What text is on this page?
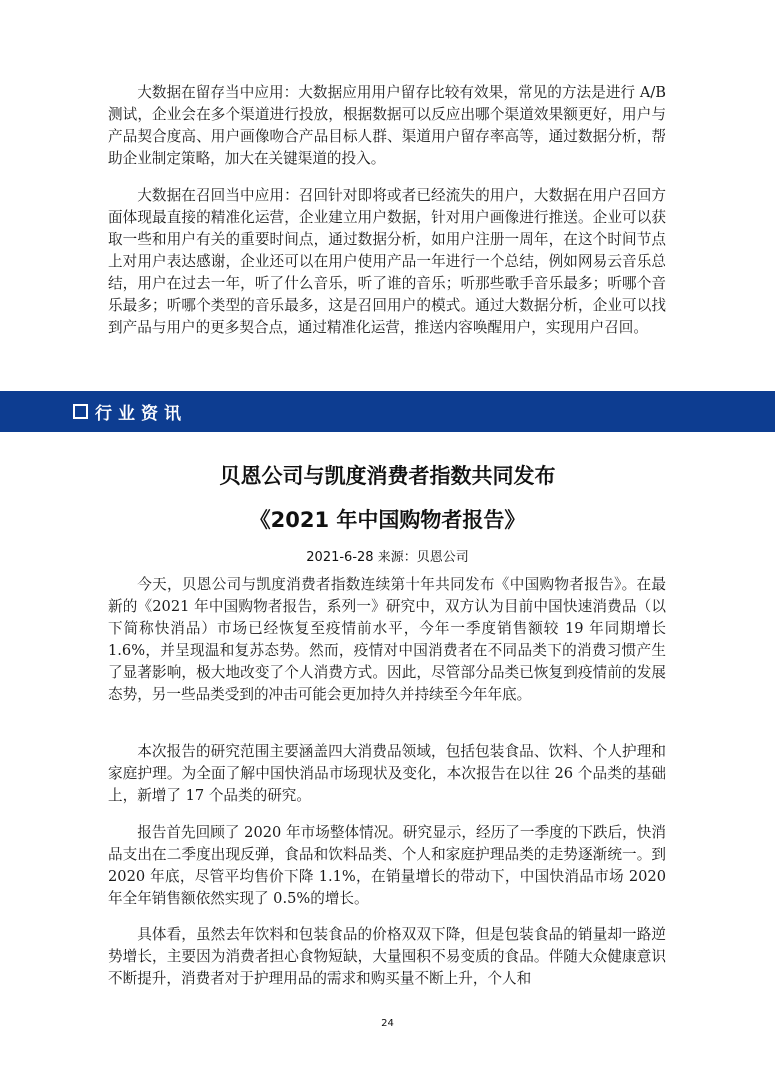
大数据在留存当中应用：大数据应用用户留存比较有效果，常见的方法是进行 A/B 测试，企业会在多个渠道进行投放，根据数据可以反应出哪个渠道效果额更好，用户与产品契合度高、用户画像吻合产品目标人群、渠道用户留存率高等，通过数据分析，帮助企业制定策略，加大在关键渠道的投入。

大数据在召回当中应用：召回针对即将或者已经流失的用户，大数据在用户召回方面体现最直接的精准化运营，企业建立用户数据，针对用户画像进行推送。企业可以获取一些和用户有关的重要时间点，通过数据分析，如用户注册一周年，在这个时间节点上对用户表达感谢，企业还可以在用户使用产品一年进行一个总结，例如网易云音乐总结，用户在过去一年，听了什么音乐，听了谁的音乐；听那些歌手音乐最多；听哪个音乐最多；听哪个类型的音乐最多，这是召回用户的模式。通过大数据分析，企业可以找到产品与用户的更多契合点，通过精准化运营，推送内容唤醒用户，实现用户召回。

行业资讯
贝恩公司与凯度消费者指数共同发布
《2021 年中国购物者报告》
2021-6-28 来源：贝恩公司

今天，贝恩公司与凯度消费者指数连续第十年共同发布《中国购物者报告》。在最新的《2021 年中国购物者报告，系列一》研究中，双方认为目前中国快速消费品（以下简称快消品）市场已经恢复至疫情前水平，今年一季度销售额较 19 年同期增长 1.6%，并呈现温和复苏态势。然而，疫情对中国消费者在不同品类下的消费习惯产生了显著影响，极大地改变了个人消费方式。因此，尽管部分品类已恢复到疫情前的发展态势，另一些品类受到的冲击可能会更加持久并持续至今年年底。

本次报告的研究范围主要涵盖四大消费品领域，包括包装食品、饮料、个人护理和家庭护理。为全面了解中国快消品市场现状及变化，本次报告在以往 26 个品类的基础上，新增了 17 个品类的研究。

报告首先回顾了 2020 年市场整体情况。研究显示，经历了一季度的下跌后，快消品支出在二季度出现反弹，食品和饮料品类、个人和家庭护理品类的走势逐渐统一。到 2020 年底，尽管平均售价下降 1.1%，在销量增长的带动下，中国快消品市场 2020 年全年销售额依然实现了 0.5%的增长。

具体看，虽然去年饮料和包装食品的价格双双下降，但是包装食品的销量却一路逆势增长，主要因为消费者担心食物短缺，大量囤积不易变质的食品。伴随大众健康意识不断提升，消费者对于护理用品的需求和购买量不断上升，个人和

24
